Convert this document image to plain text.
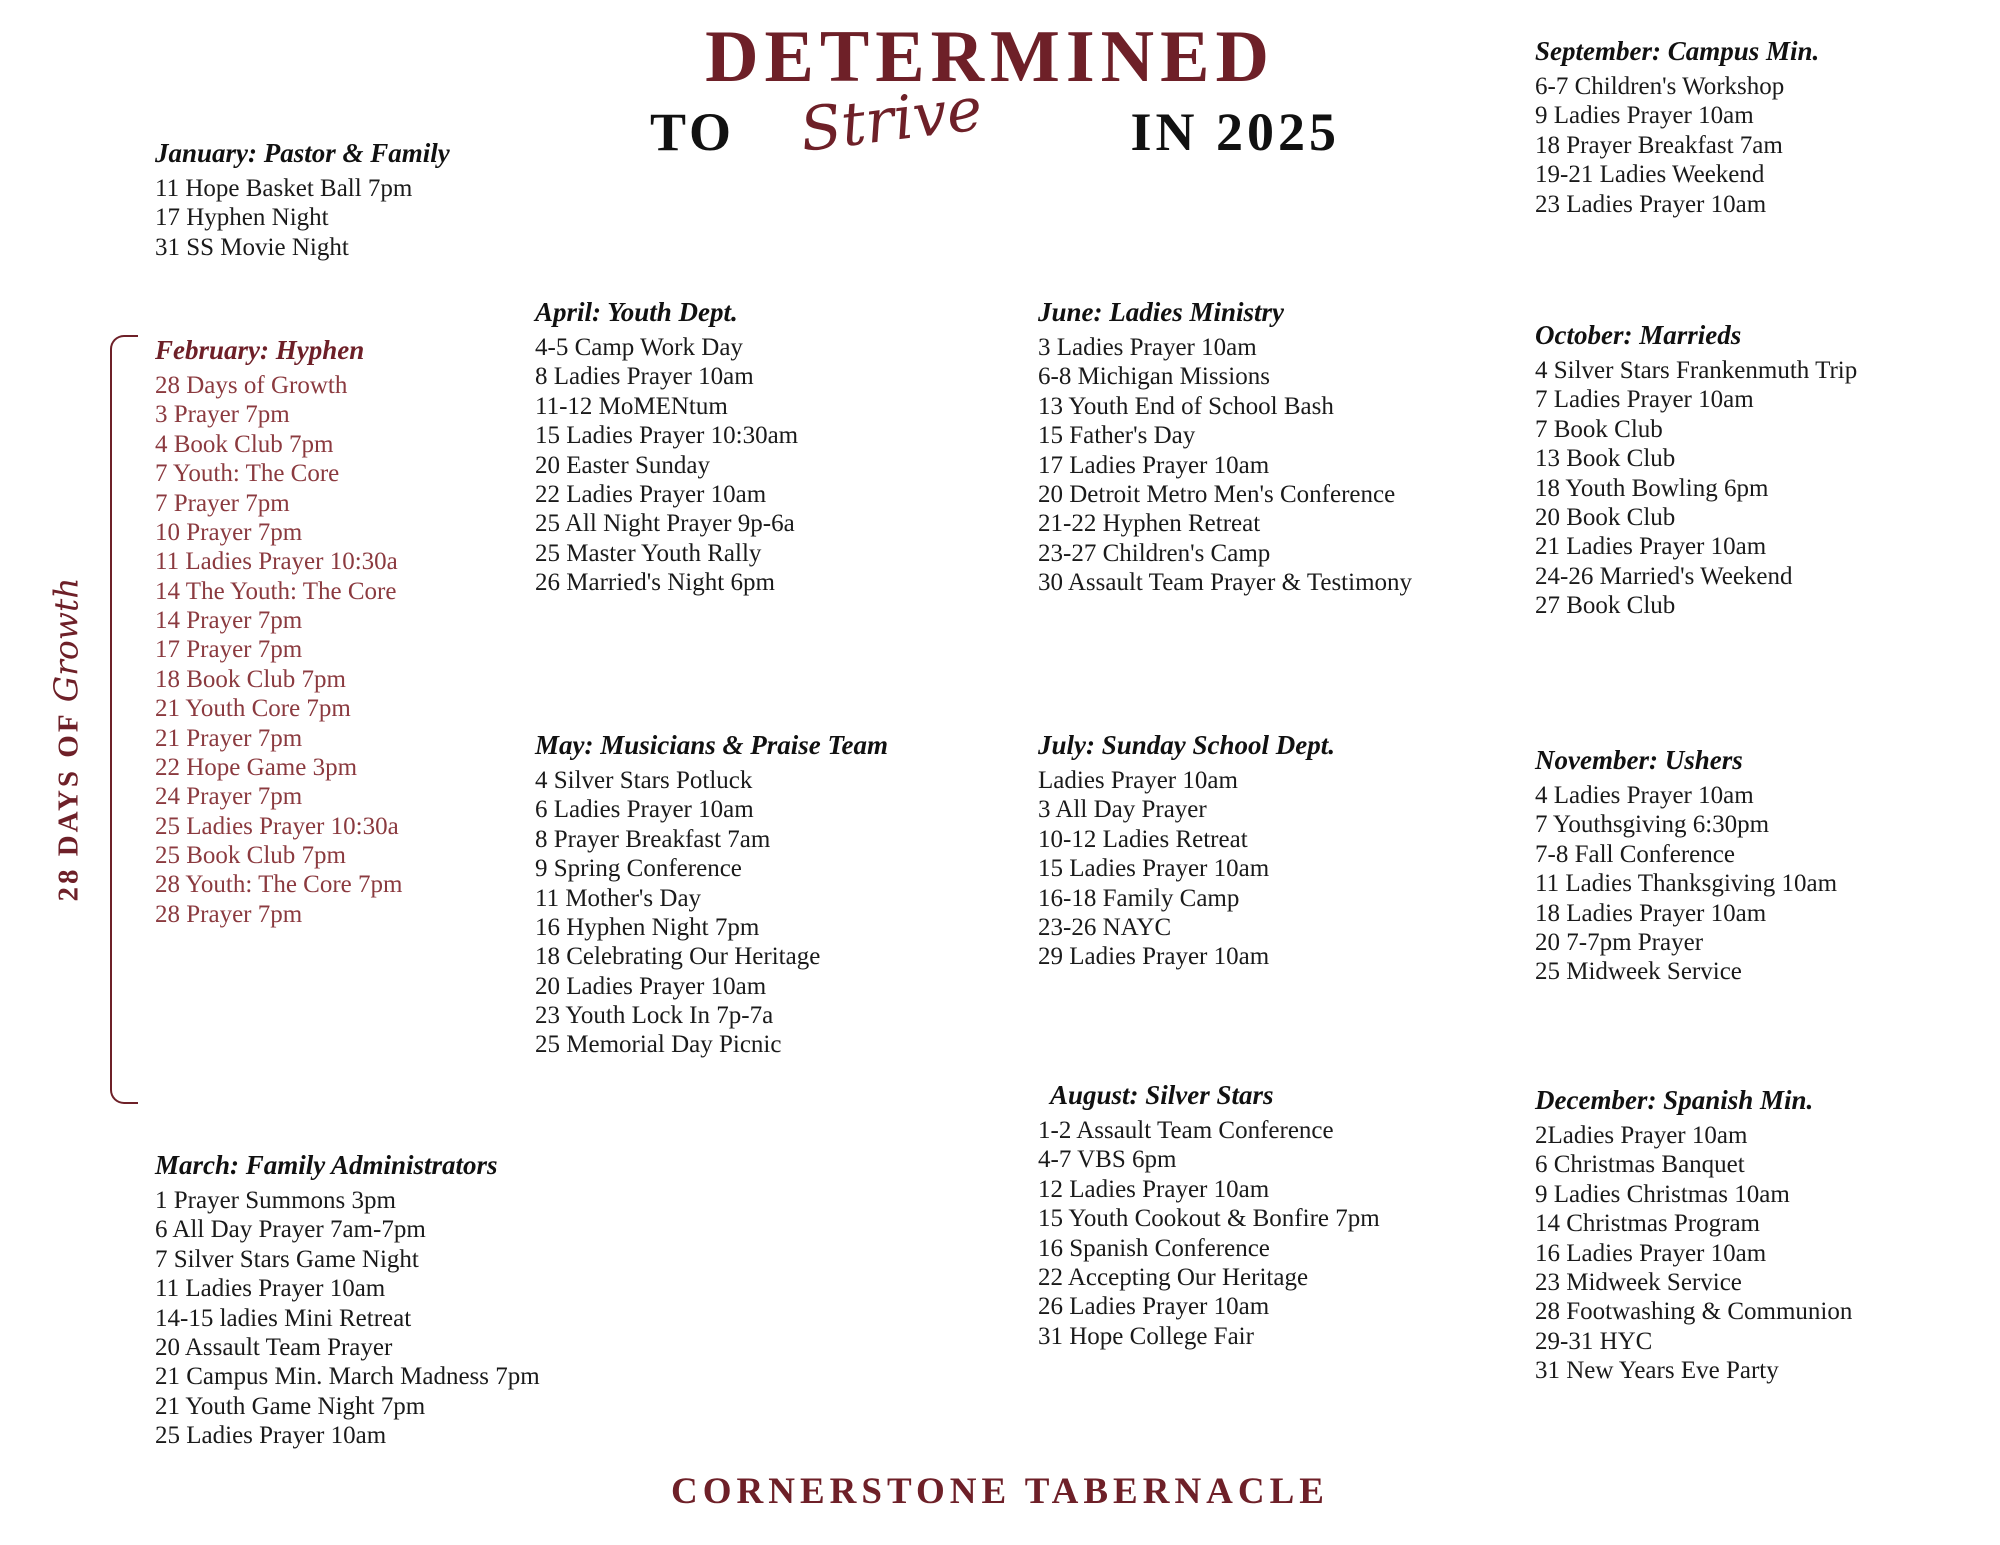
DETERMINED
TO Strive	IN 2025
28 DAYS OF Growth
January: Pastor & Family
11 Hope Basket Ball 7pm
17 Hyphen Night
31 SS Movie Night
February: Hyphen
28 Days of Growth
3 Prayer 7pm
4 Book Club 7pm
7 Youth: The Core
7 Prayer 7pm
10 Prayer 7pm
11 Ladies Prayer 10:30a
14 The Youth: The Core
14 Prayer 7pm
17 Prayer 7pm
18 Book Club 7pm
21 Youth Core 7pm
21 Prayer 7pm
22 Hope Game 3pm
24 Prayer 7pm
25 Ladies Prayer 10:30a
25 Book Club 7pm
28 Youth: The Core 7pm
28 Prayer 7pm
March: Family Administrators
1 Prayer Summons 3pm
6 All Day Prayer 7am-7pm
7 Silver Stars Game Night
11 Ladies Prayer 10am
14-15 ladies Mini Retreat
20 Assault Team Prayer
21 Campus Min. March Madness 7pm
21 Youth Game Night 7pm
25 Ladies Prayer 10am
April: Youth Dept.
4-5 Camp Work Day
8 Ladies Prayer 10am
11-12 MoMENtum
15 Ladies Prayer 10:30am
20 Easter Sunday
22 Ladies Prayer 10am
25 All Night Prayer 9p-6a
25 Master Youth Rally
26 Married's Night 6pm
May: Musicians & Praise Team
4 Silver Stars Potluck
6 Ladies Prayer 10am
8 Prayer Breakfast 7am
9 Spring Conference
11 Mother's Day
16 Hyphen Night 7pm
18 Celebrating Our Heritage
20 Ladies Prayer 10am
23 Youth Lock In 7p-7a
25 Memorial Day Picnic
June: Ladies Ministry
3 Ladies Prayer 10am
6-8 Michigan Missions
13 Youth End of School Bash
15 Father's Day
17 Ladies Prayer 10am
20 Detroit Metro Men's Conference
21-22 Hyphen Retreat
23-27 Children's Camp
30 Assault Team Prayer & Testimony
July: Sunday School Dept.
Ladies Prayer 10am
3 All Day Prayer
10-12 Ladies Retreat
15 Ladies Prayer 10am
16-18 Family Camp
23-26 NAYC
29 Ladies Prayer 10am
August: Silver Stars
1-2 Assault Team Conference
4-7 VBS 6pm
12 Ladies Prayer 10am
15 Youth Cookout & Bonfire 7pm
16 Spanish Conference
22 Accepting Our Heritage
26 Ladies Prayer 10am
31 Hope College Fair
September: Campus Min.
6-7 Children's Workshop
9 Ladies Prayer 10am
18 Prayer Breakfast 7am
19-21 Ladies Weekend
23 Ladies Prayer 10am
October: Marrieds
4 Silver Stars Frankenmuth Trip
7 Ladies Prayer 10am
7 Book Club
13 Book Club
18 Youth Bowling 6pm
20 Book Club
21 Ladies Prayer 10am
24-26 Married's Weekend
27 Book Club
November: Ushers
4 Ladies Prayer 10am
7 Youthsgiving 6:30pm
7-8 Fall Conference
11 Ladies Thanksgiving 10am
18 Ladies Prayer 10am
20 7-7pm Prayer
25 Midweek Service
December: Spanish Min.
2Ladies Prayer 10am
6 Christmas Banquet
9 Ladies Christmas 10am
14 Christmas Program
16 Ladies Prayer 10am
23 Midweek Service
28 Footwashing & Communion
29-31 HYC
31 New Years Eve Party
CORNERSTONE TABERNACLE
